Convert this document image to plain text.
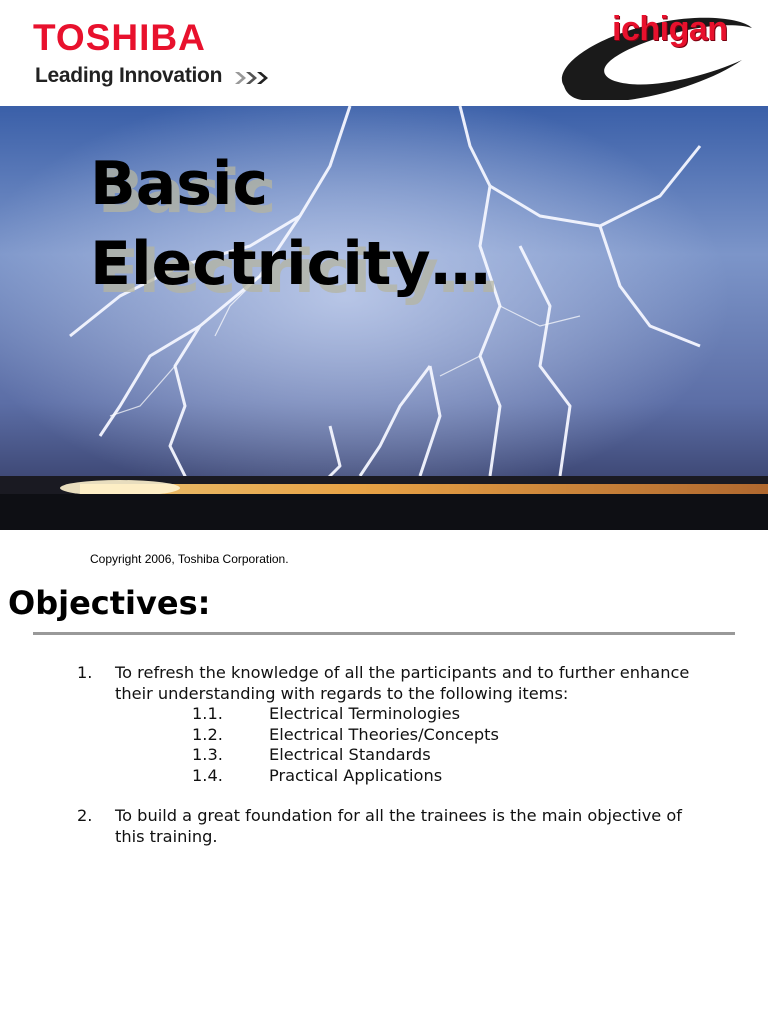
TOSHIBA
Leading Innovation
ichigan
Basic
Electricity…
Copyright 2006, Toshiba Corporation.
Objectives:
1. To refresh the knowledge of all the participants and to further enhance their understanding with regards to the following items:
1.1.	Electrical Terminologies
1.2.	Electrical Theories/Concepts
1.3.	Electrical Standards
1.4.	Practical Applications
2. To build a great foundation for all the trainees is the main objective of this training.
